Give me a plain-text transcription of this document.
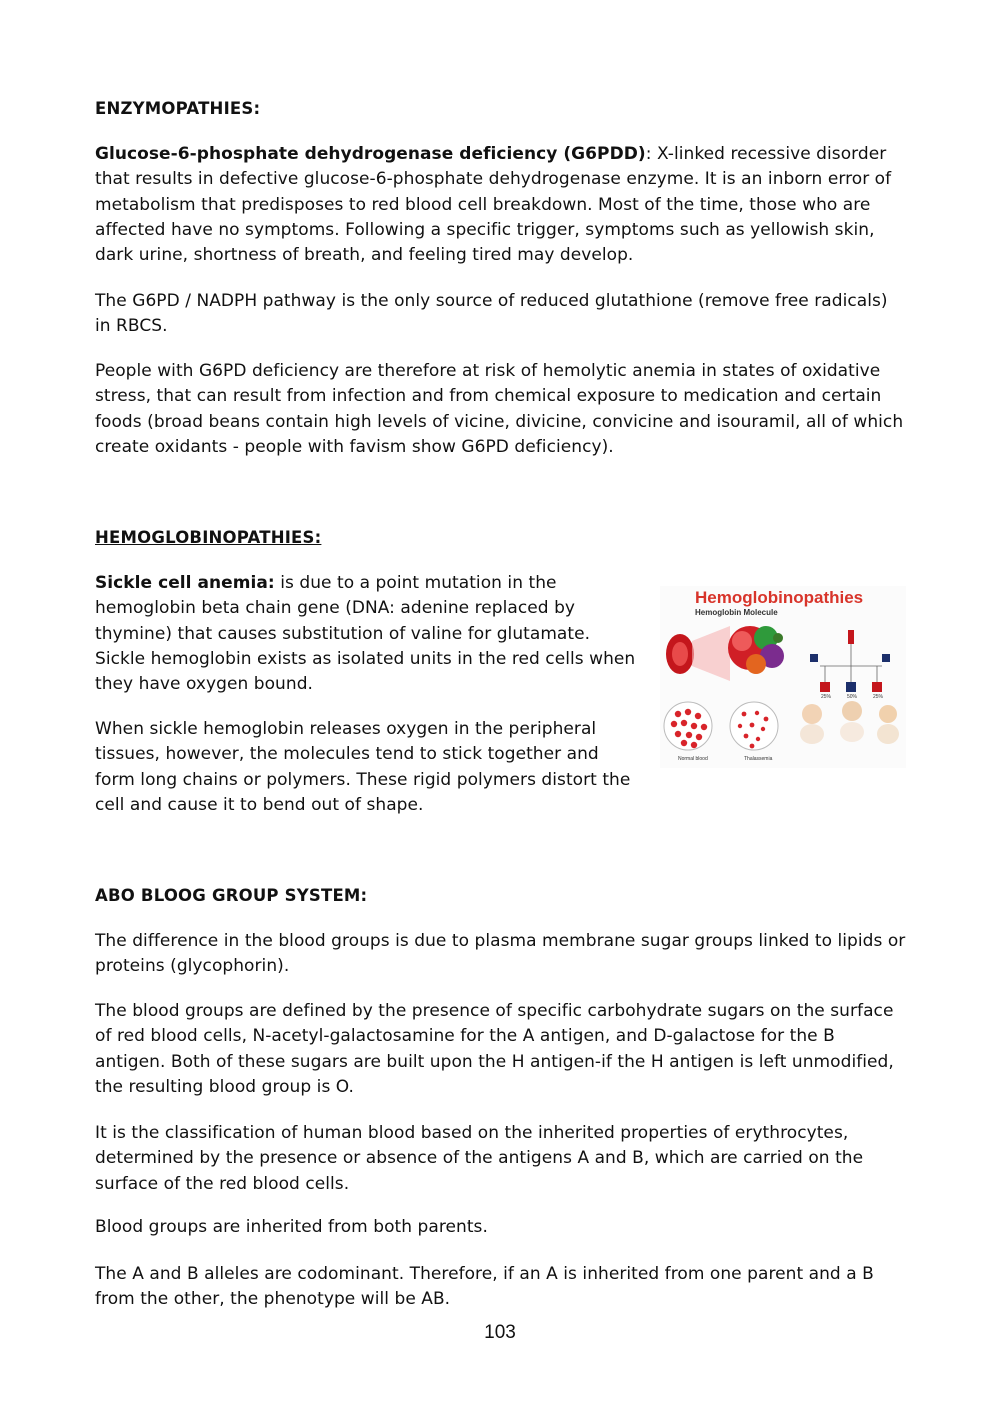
ENZYMOPATHIES:
Glucose-6-phosphate dehydrogenase deficiency (G6PDD): X-linked recessive disorder that results in defective glucose-6-phosphate dehydrogenase enzyme. It is an inborn error of metabolism that predisposes to red blood cell breakdown. Most of the time, those who are affected have no symptoms. Following a specific trigger, symptoms such as yellowish skin, dark urine, shortness of breath, and feeling tired may develop.
The G6PD / NADPH pathway is the only source of reduced glutathione (remove free radicals) in RBCS.
People with G6PD deficiency are therefore at risk of hemolytic anemia in states of oxidative stress, that can result from infection and from chemical exposure to medication and certain foods (broad beans contain high levels of vicine, divicine, convicine and isouramil, all of which create oxidants - people with favism show G6PD deficiency).
HEMOGLOBINOPATHIES:
Sickle cell anemia: is due to a point mutation in the hemoglobin beta chain gene (DNA: adenine replaced by thymine) that causes substitution of valine for glutamate. Sickle hemoglobin exists as isolated units in the red cells when they have oxygen bound.
When sickle hemoglobin releases oxygen in the peripheral tissues, however, the molecules tend to stick together and form long chains or polymers. These rigid polymers distort the cell and cause it to bend out of shape.
Hemoglobinopathies
Hemoglobin Molecule
25%	50%	25%
Normal blood	Thalassemia
ABO BLOOG GROUP SYSTEM:
The difference in the blood groups is due to plasma membrane sugar groups linked to lipids or proteins (glycophorin).
The blood groups are defined by the presence of specific carbohydrate sugars on the surface of red blood cells, N-acetyl-galactosamine for the A antigen, and D-galactose for the B antigen. Both of these sugars are built upon the H antigen-if the H antigen is left unmodified, the resulting blood group is O.
It is the classification of human blood based on the inherited properties of erythrocytes, determined by the presence or absence of the antigens A and B, which are carried on the surface of the red blood cells.
Blood groups are inherited from both parents.
The A and B alleles are codominant. Therefore, if an A is inherited from one parent and a B from the other, the phenotype will be AB.
103
